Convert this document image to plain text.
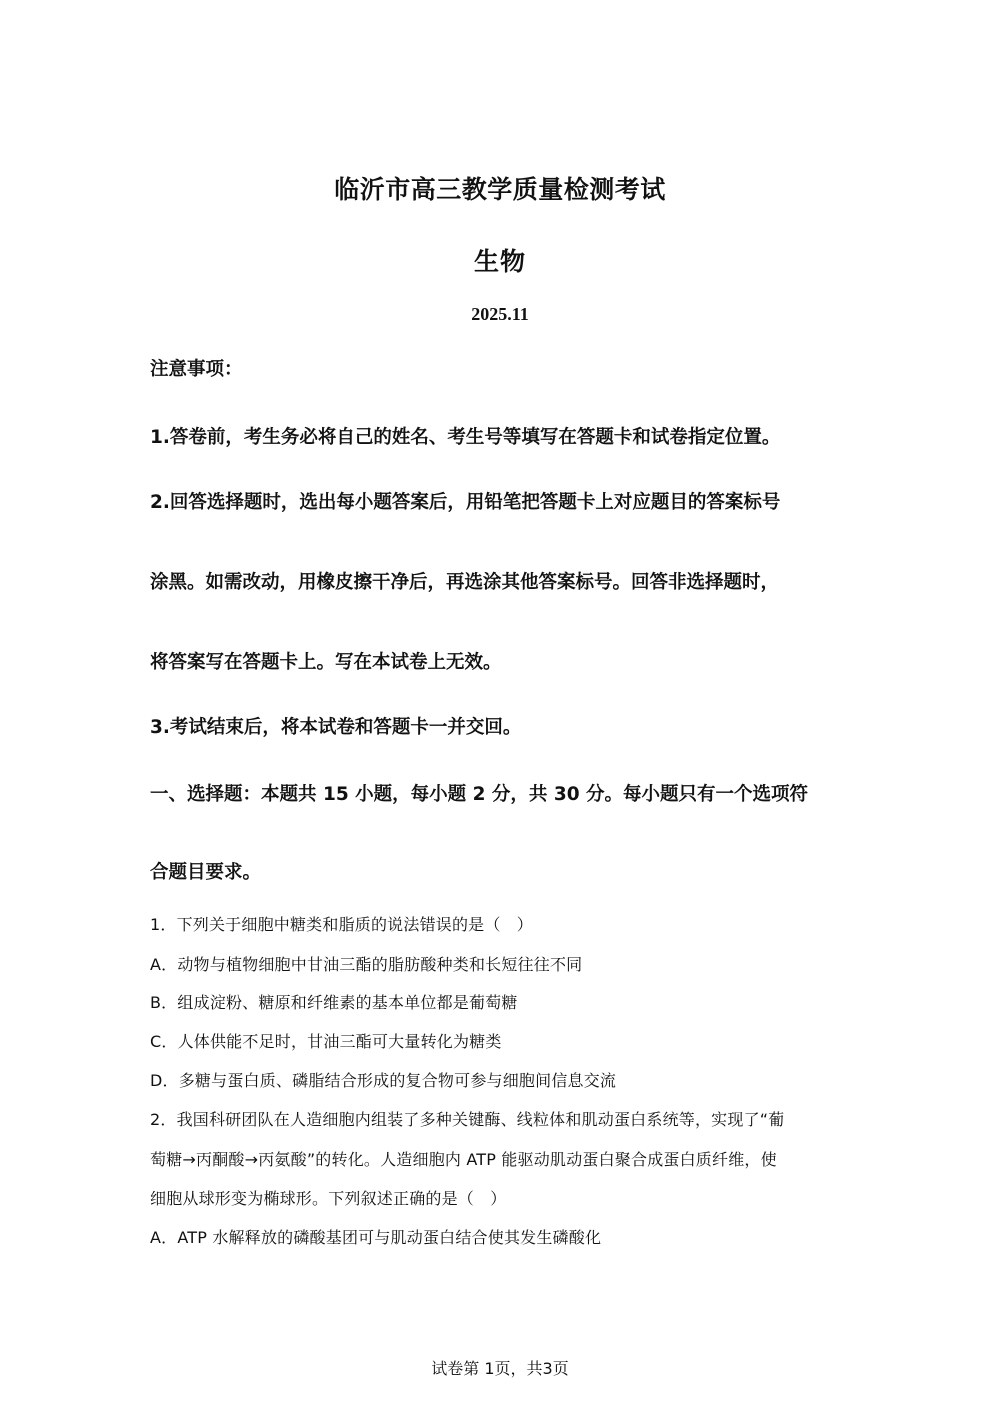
临沂市高三教学质量检测考试
生物
2025.11
注意事项：
1.答卷前，考生务必将自己的姓名、考生号等填写在答题卡和试卷指定位置。
2.回答选择题时，选出每小题答案后，用铅笔把答题卡上对应题目的答案标号
涂黑。如需改动，用橡皮擦干净后，再选涂其他答案标号。回答非选择题时，
将答案写在答题卡上。写在本试卷上无效。
3.考试结束后，将本试卷和答题卡一并交回。
一、选择题：本题共 15 小题，每小题 2 分，共 30 分。每小题只有一个选项符
合题目要求。
1．下列关于细胞中糖类和脂质的说法错误的是（　）
A．动物与植物细胞中甘油三酯的脂肪酸种类和长短往往不同
B．组成淀粉、糖原和纤维素的基本单位都是葡萄糖
C．人体供能不足时，甘油三酯可大量转化为糖类
D．多糖与蛋白质、磷脂结合形成的复合物可参与细胞间信息交流
2．我国科研团队在人造细胞内组装了多种关键酶、线粒体和肌动蛋白系统等，实现了“葡
萄糖→丙酮酸→丙氨酸”的转化。人造细胞内 ATP 能驱动肌动蛋白聚合成蛋白质纤维，使
细胞从球形变为椭球形。下列叙述正确的是（　）
A．ATP 水解释放的磷酸基团可与肌动蛋白结合使其发生磷酸化
试卷第 1页，共3页
